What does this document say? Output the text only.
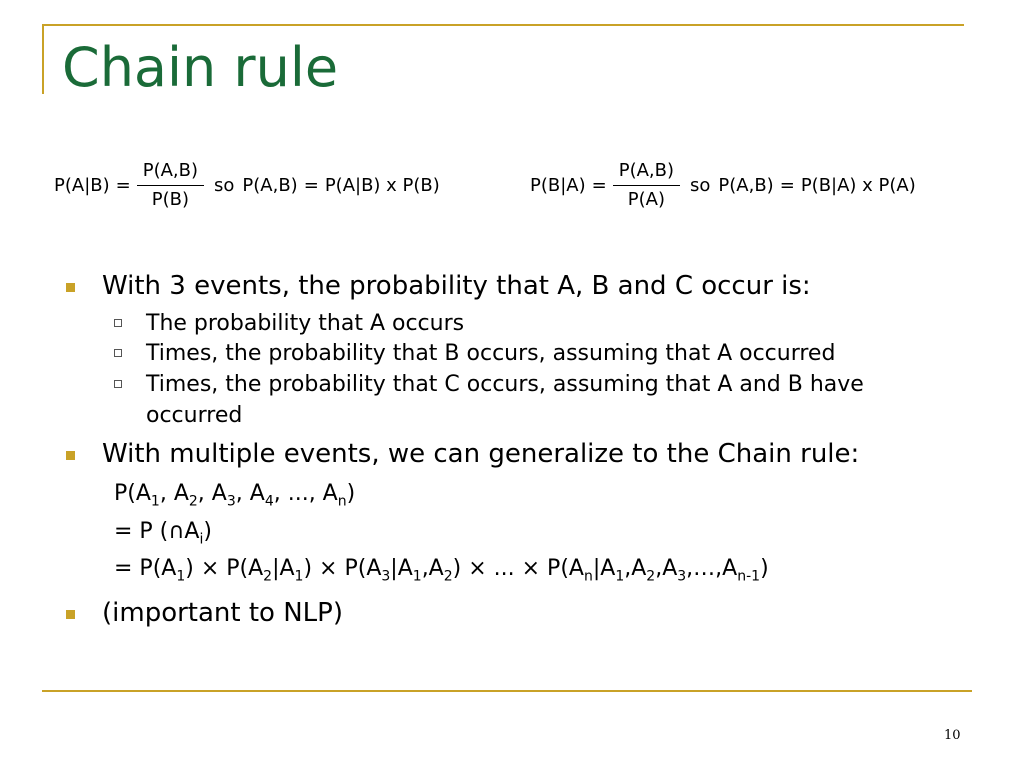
Chain rule
$P(A|B) = \frac{P(A,B)}{P(B)}$ so P(A,B) = P(A|B) x P(B)	$P(B|A) = \frac{P(A,B)}{P(A)}$ so P(A,B) = P(B|A) x P(A)
With 3 events, the probability that A, B and C occur is:
The probability that A occurs
Times, the probability that B occurs, assuming that A occurred
Times, the probability that C occurs, assuming that A and B have occurred
With multiple events, we can generalize to the Chain rule:
$P(A_1$, $A_2$, $A_3$, $A_4$, ..., $A_n$)
= P $(\cap A_i)$
= $P(A_1) \times P(A_2|A_1) \times P(A_3|A_1,A_2)$ × ... × $P(A_n|A_1,A_2,A_3,\dots,A_{n-1})$
(important to NLP)
10
